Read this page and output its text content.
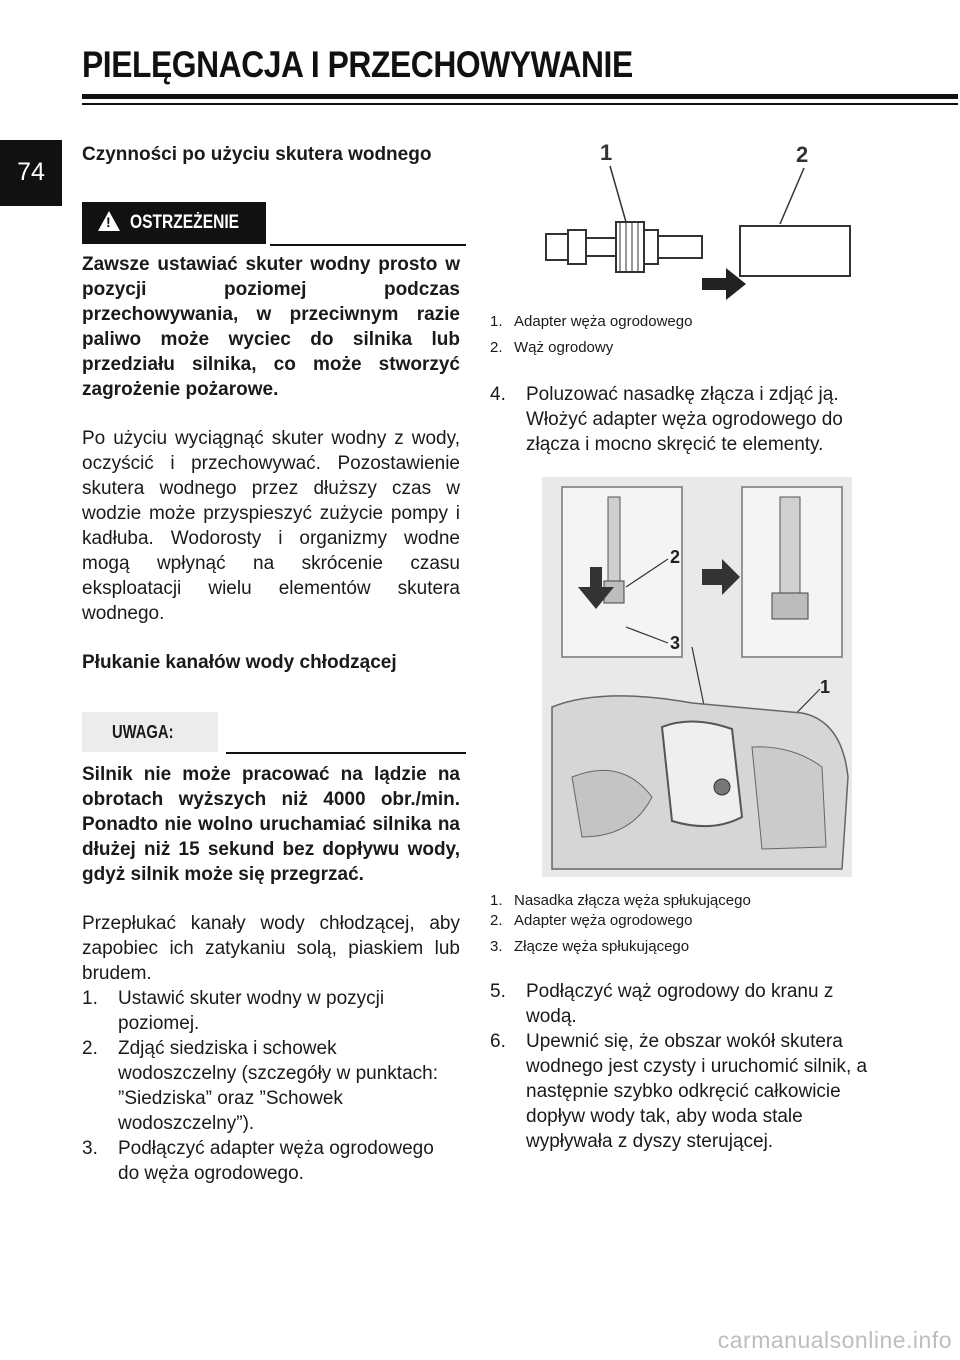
PIELĘGNACJA I PRZECHOWYWANIE
74

Czynności po użyciu skutera wodnego

! OSTRZEŻENIE

Zawsze ustawiać skuter wodny prosto w pozycji poziomej podczas przechowywania, w przeciwnym razie paliwo może wyciec do silnika lub przedziału silnika, co może stworzyć zagrożenie pożarowe.

Po użyciu wyciągnąć skuter wodny z wody, oczyścić i przechowywać. Pozostawienie skutera wodnego przez dłuższy czas w wodzie może przyspieszyć zużycie pompy i kadłuba. Wodorosty i organizmy wodne mogą wpłynąć na skrócenie czasu eksploatacji wielu elementów skutera wodnego.

Płukanie kanałów wody chłodzącej

UWAGA:

Silnik nie może pracować na lądzie na obrotach wyższych niż 4000 obr./min. Ponadto nie wolno uruchamiać silnika na dłużej niż 15 sekund bez dopływu wody, gdyż silnik może się przegrzać.

Przepłukać kanały wody chłodzącej, aby zapobiec ich zatykaniu solą, piaskiem lub brudem.

1. Ustawić skuter wodny w pozycji poziomej.
2. Zdjąć siedziska i schowek wodoszczelny (szczegóły w punktach: ”Siedziska” oraz ”Schowek wodoszczelny”).
3. Podłączyć adapter węża ogrodowego do węża ogrodowego.
1	2

1. Adapter węża ogrodowego

2. Wąż ogrodowy

4. Poluzować nasadkę złącza i zdjąć ją. Włożyć adapter węża ogrodowego do złącza i mocno skręcić te elementy.
2
3
1

1. Nasadka złącza węża spłukującego

2. Adapter węża ogrodowego

3. Złącze węża spłukującego

5. Podłączyć wąż ogrodowy do kranu z wodą.
6. Upewnić się, że obszar wokół skutera wodnego jest czysty i uruchomić silnik, a następnie szybko odkręcić całkowicie dopływ wody tak, aby woda stale wypływała z dyszy sterującej.
carmanualsonline.info
